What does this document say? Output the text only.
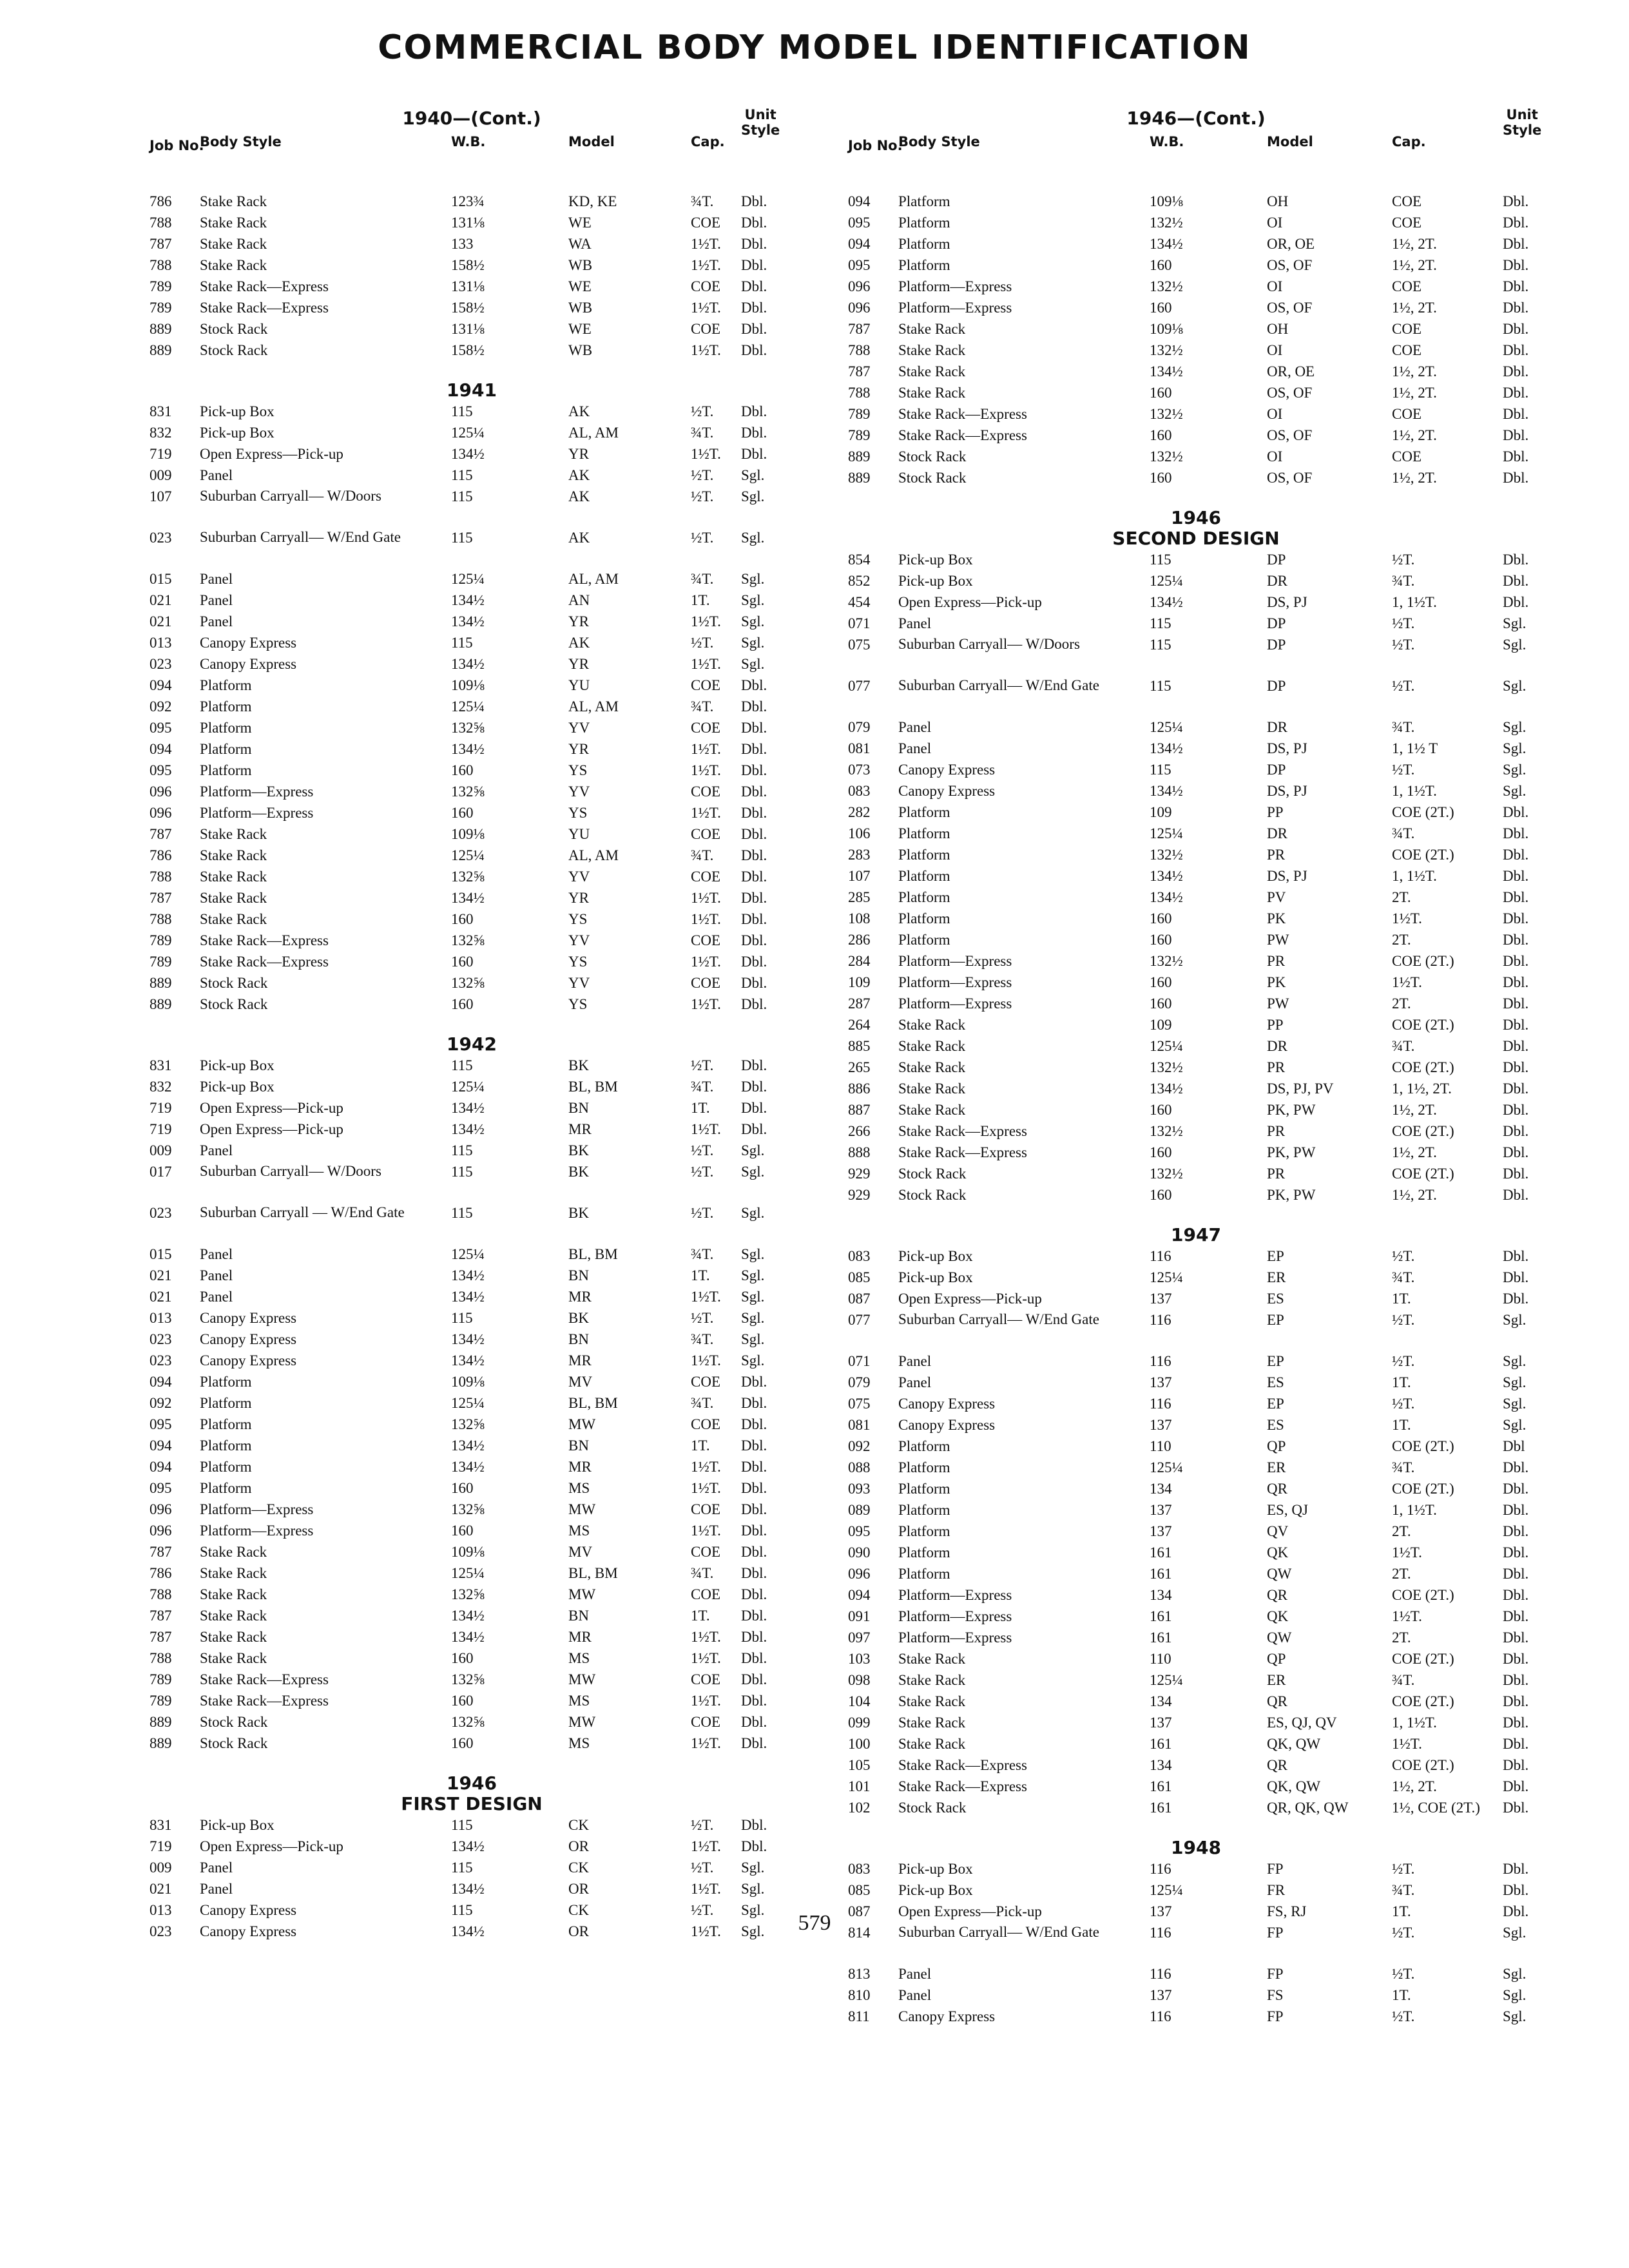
COMMERCIAL BODY MODEL IDENTIFICATION
1940—(Cont.)
Job No.
Body Style	W.B.	Model	Cap.
Unit
Style
786 Stake Rack	123¾	KD, KE	¾T. Dbl.
788 Stake Rack	131⅛	WE	COE Dbl.
787 Stake Rack	133	WA	1½T. Dbl.
788 Stake Rack	158½	WB	1½T. Dbl.
789 Stake Rack—Express	131⅛	WE	COE Dbl.
789 Stake Rack—Express	158½	WB	1½T. Dbl.
889 Stock Rack	131⅛	WE	COE Dbl.
889 Stock Rack	158½	WB	1½T. Dbl.
1941
831 Pick-up Box	115	AK	½T. Dbl.
832 Pick-up Box	125¼	AL, AM	¾T. Dbl.
719 Open Express—Pick-up	134½	YR	1½T. Dbl.
009 Panel	115	AK	½T. Sgl.
107 Suburban Carryall— W/Doors	115	AK	½T. Sgl.
023 Suburban Carryall— W/End Gate	115	AK	½T. Sgl.
015 Panel	125¼	AL, AM	¾T. Sgl.
021 Panel	134½	AN	1T. Sgl.
021 Panel	134½	YR	1½T. Sgl.
013 Canopy Express	115	AK	½T. Sgl.
023 Canopy Express	134½	YR	1½T. Sgl.
094 Platform	109⅛	YU	COE Dbl.
092 Platform	125¼	AL, AM	¾T. Dbl.
095 Platform	132⅝	YV	COE Dbl.
094 Platform	134½	YR	1½T. Dbl.
095 Platform	160	YS	1½T. Dbl.
096 Platform—Express	132⅝	YV	COE Dbl.
096 Platform—Express	160	YS	1½T. Dbl.
787 Stake Rack	109⅛	YU	COE Dbl.
786 Stake Rack	125¼	AL, AM	¾T. Dbl.
788 Stake Rack	132⅝	YV	COE Dbl.
787 Stake Rack	134½	YR	1½T. Dbl.
788 Stake Rack	160	YS	1½T. Dbl.
789 Stake Rack—Express	132⅝	YV	COE Dbl.
789 Stake Rack—Express	160	YS	1½T. Dbl.
889 Stock Rack	132⅝	YV	COE Dbl.
889 Stock Rack	160	YS	1½T. Dbl.
1942
831 Pick-up Box	115	BK	½T. Dbl.
832 Pick-up Box	125¼	BL, BM	¾T. Dbl.
719 Open Express—Pick-up	134½	BN	1T. Dbl.
719 Open Express—Pick-up	134½	MR	1½T. Dbl.
009 Panel	115	BK	½T. Sgl.
017 Suburban Carryall— W/Doors	115	BK	½T. Sgl.
023 Suburban Carryall — W/End Gate	115	BK	½T. Sgl.
015 Panel	125¼	BL, BM	¾T. Sgl.
021 Panel	134½	BN	1T. Sgl.
021 Panel	134½	MR	1½T. Sgl.
013 Canopy Express	115	BK	½T. Sgl.
023 Canopy Express	134½	BN	¾T. Sgl.
023 Canopy Express	134½	MR	1½T. Sgl.
094 Platform	109⅛	MV	COE Dbl.
092 Platform	125¼	BL, BM	¾T. Dbl.
095 Platform	132⅝	MW	COE Dbl.
094 Platform	134½	BN	1T. Dbl.
094 Platform	134½	MR	1½T. Dbl.
095 Platform	160	MS	1½T. Dbl.
096 Platform—Express	132⅝	MW	COE Dbl.
096 Platform—Express	160	MS	1½T. Dbl.
787 Stake Rack	109⅛	MV	COE Dbl.
786 Stake Rack	125¼	BL, BM	¾T. Dbl.
788 Stake Rack	132⅝	MW	COE Dbl.
787 Stake Rack	134½	BN	1T. Dbl.
787 Stake Rack	134½	MR	1½T. Dbl.
788 Stake Rack	160	MS	1½T. Dbl.
789 Stake Rack—Express	132⅝	MW	COE Dbl.
789 Stake Rack—Express	160	MS	1½T. Dbl.
889 Stock Rack	132⅝	MW	COE Dbl.
889 Stock Rack	160	MS	1½T. Dbl.
1946
FIRST DESIGN
831 Pick-up Box	115	CK	½T. Dbl.
719 Open Express—Pick-up	134½	OR	1½T. Dbl.
009 Panel	115	CK	½T. Sgl.
021 Panel	134½	OR	1½T. Sgl.
013 Canopy Express	115	CK	½T. Sgl.
023 Canopy Express	134½	OR	1½T. Sgl.
1946—(Cont.)
Job No.
Body Style	W.B.	Model	Cap.
Unit
Style
094 Platform	109⅛	OH	COE	Dbl.
095 Platform	132½	OI	COE	Dbl.
094 Platform	134½	OR, OE	1½, 2T.	Dbl.
095 Platform	160	OS, OF	1½, 2T.	Dbl.
096 Platform—Express	132½	OI	COE	Dbl.
096 Platform—Express	160	OS, OF	1½, 2T.	Dbl.
787 Stake Rack	109⅛	OH	COE	Dbl.
788 Stake Rack	132½	OI	COE	Dbl.
787 Stake Rack	134½	OR, OE	1½, 2T.	Dbl.
788 Stake Rack	160	OS, OF	1½, 2T.	Dbl.
789 Stake Rack—Express	132½	OI	COE	Dbl.
789 Stake Rack—Express	160	OS, OF	1½, 2T.	Dbl.
889 Stock Rack	132½	OI	COE	Dbl.
889 Stock Rack	160	OS, OF	1½, 2T.	Dbl.
1946
SECOND DESIGN
854 Pick-up Box	115	DP	½T.	Dbl.
852 Pick-up Box	125¼	DR	¾T.	Dbl.
454 Open Express—Pick-up	134½	DS, PJ	1, 1½T.	Dbl.
071 Panel	115	DP	½T.	Sgl.
075 Suburban Carryall— W/Doors	115	DP	½T.	Sgl.
077 Suburban Carryall— W/End Gate	115	DP	½T.	Sgl.
079 Panel	125¼	DR	¾T.	Sgl.
081 Panel	134½	DS, PJ	1, 1½ T	Sgl.
073 Canopy Express	115	DP	½T.	Sgl.
083 Canopy Express	134½	DS, PJ	1, 1½T.	Sgl.
282 Platform	109	PP	COE (2T.)	Dbl.
106 Platform	125¼	DR	¾T.	Dbl.
283 Platform	132½	PR	COE (2T.)	Dbl.
107 Platform	134½	DS, PJ	1, 1½T.	Dbl.
285 Platform	134½	PV	2T.	Dbl.
108 Platform	160	PK	1½T.	Dbl.
286 Platform	160	PW	2T.	Dbl.
284 Platform—Express	132½	PR	COE (2T.)	Dbl.
109 Platform—Express	160	PK	1½T.	Dbl.
287 Platform—Express	160	PW	2T.	Dbl.
264 Stake Rack	109	PP	COE (2T.)	Dbl.
885 Stake Rack	125¼	DR	¾T.	Dbl.
265 Stake Rack	132½	PR	COE (2T.)	Dbl.
886 Stake Rack	134½	DS, PJ, PV	1, 1½, 2T.	Dbl.
887 Stake Rack	160	PK, PW	1½, 2T.	Dbl.
266 Stake Rack—Express	132½	PR	COE (2T.)	Dbl.
888 Stake Rack—Express	160	PK, PW	1½, 2T.	Dbl.
929 Stock Rack	132½	PR	COE (2T.)	Dbl.
929 Stock Rack	160	PK, PW	1½, 2T.	Dbl.
1947
083 Pick-up Box	116	EP	½T.	Dbl.
085 Pick-up Box	125¼	ER	¾T.	Dbl.
087 Open Express—Pick-up	137	ES	1T.	Dbl.
077 Suburban Carryall— W/End Gate	116	EP	½T.	Sgl.
071 Panel	116	EP	½T.	Sgl.
079 Panel	137	ES	1T.	Sgl.
075 Canopy Express	116	EP	½T.	Sgl.
081 Canopy Express	137	ES	1T.	Sgl.
092 Platform	110	QP	COE (2T.)	Dbl
088 Platform	125¼	ER	¾T.	Dbl.
093 Platform	134	QR	COE (2T.)	Dbl.
089 Platform	137	ES, QJ	1, 1½T.	Dbl.
095 Platform	137	QV	2T.	Dbl.
090 Platform	161	QK	1½T.	Dbl.
096 Platform	161	QW	2T.	Dbl.
094 Platform—Express	134	QR	COE (2T.)	Dbl.
091 Platform—Express	161	QK	1½T.	Dbl.
097 Platform—Express	161	QW	2T.	Dbl.
103 Stake Rack	110	QP	COE (2T.)	Dbl.
098 Stake Rack	125¼	ER	¾T.	Dbl.
104 Stake Rack	134	QR	COE (2T.)	Dbl.
099 Stake Rack	137	ES, QJ, QV	1, 1½T.	Dbl.
100 Stake Rack	161	QK, QW	1½T.	Dbl.
105 Stake Rack—Express	134	QR	COE (2T.)	Dbl.
101 Stake Rack—Express	161	QK, QW	1½, 2T.	Dbl.
102 Stock Rack	161	QR, QK, QW	1½, COE (2T.) Dbl.
1948
083 Pick-up Box	116	FP	½T.	Dbl.
085 Pick-up Box	125¼	FR	¾T.	Dbl.
087 Open Express—Pick-up	137	FS, RJ	1T.	Dbl.
814 Suburban Carryall— W/End Gate	116	FP	½T.	Sgl.
813 Panel	116	FP	½T.	Sgl.
810 Panel	137	FS	1T.	Sgl.
811 Canopy Express	116	FP	½T.	Sgl.
579
